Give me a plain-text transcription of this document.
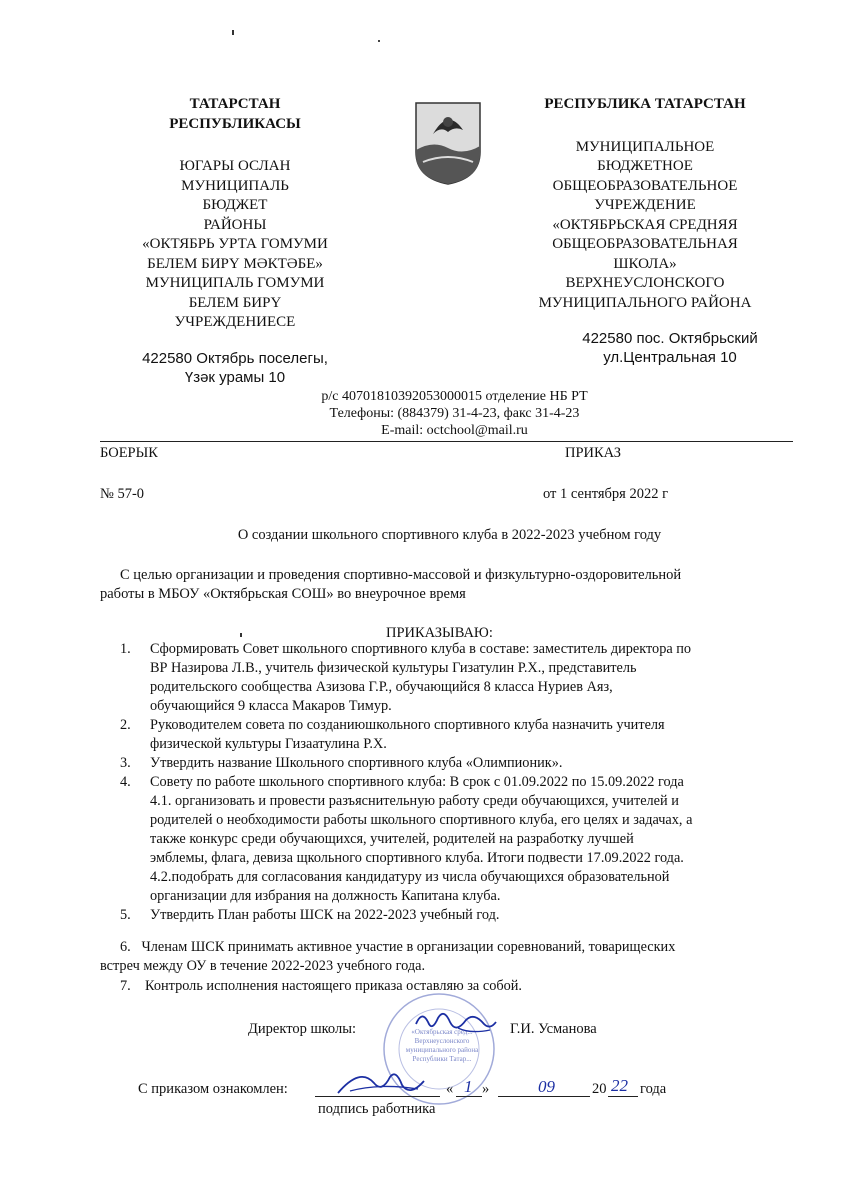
ТАТАРСТАН
РЕСПУБЛИКАСЫ
ЮГАРЫ ОСЛАН
МУНИЦИПАЛЬ
БЮДЖЕТ
РАЙОНЫ
«ОКТЯБРЬ УРТА ГОМУМИ
БЕЛЕМ БИРҮ МӘКТӘБЕ»
МУНИЦИПАЛЬ ГОМУМИ
БЕЛЕМ БИРҮ
УЧРЕЖДЕНИЕСЕ
422580 Октябрь поселегы,
Үзәк урамы 10
РЕСПУБЛИКА ТАТАРСТАН
МУНИЦИПАЛЬНОЕ
БЮДЖЕТНОЕ
ОБЩЕОБРАЗОВАТЕЛЬНОЕ
УЧРЕЖДЕНИЕ
«ОКТЯБРЬСКАЯ СРЕДНЯЯ
ОБЩЕОБРАЗОВАТЕЛЬНАЯ
ШКОЛА»
ВЕРХНЕУСЛОНСКОГО
МУНИЦИПАЛЬНОГО РАЙОНА
422580 пос. Октябрьский
ул.Центральная 10
р/с 40701810392053000015 отделение НБ РТ
Телефоны: (884379) 31-4-23, факс 31-4-23
E-mail: octchool@mail.ru
БОЕРЫК	ПРИКАЗ
№ 57-0	от 1 сентября 2022 г
О создании школьного спортивного клуба в 2022-2023 учебном году
С целью организации и проведения спортивно-массовой и физкультурно-оздоровительной
работы в МБОУ «Октябрьская СОШ» во внеурочное время
ПРИКАЗЫВАЮ:
1. Сформировать Совет школьного спортивного клуба в составе: заместитель директора по
ВР Назирова Л.В., учитель физической культуры Гизатулин Р.Х., представитель
родительского сообщества Азизова Г.Р., обучающийся 8 класса Нуриев Аяз,
обучающийся 9 класса Макаров Тимур.
2. Руководителем совета по созданиюшкольного спортивного клуба назначить учителя
физической культуры Гизаатулина Р.Х.
3. Утвердить название Школьного спортивного клуба «Олимпионик».
4. Совету по работе школьного спортивного клуба: В срок с 01.09.2022 по 15.09.2022 года
4.1. организовать и провести разъяснительную работу среди обучающихся, учителей и
родителей о необходимости работы школьного спортивного клуба, его целях и задачах, а
также конкурс среди обучающихся, учителей, родителей на разработку лучшей
эмблемы, флага, девиза щкольного спортивного клуба. Итоги подвести 17.09.2022 года.
4.2.подобрать для согласования кандидатуру из числа обучающихся образовательной
организации для избрания на должность Капитана клуба.
5. Утвердить План работы ШСК на 2022-2023 учебный год.
6. Членам ШСК принимать активное участие в организации соревнований, товарищеских
встреч между ОУ в течение 2022-2023 учебного года.
7. Контроль исполнения настоящего приказа оставляю за собой.
«Октябрьская сред... Верхнеуслонского муниципального района Республики Татар...
Директор школы:	Г.И. Усманова
С приказом ознакомлен:	« 1 »	09	20 22 года
подпись работника
